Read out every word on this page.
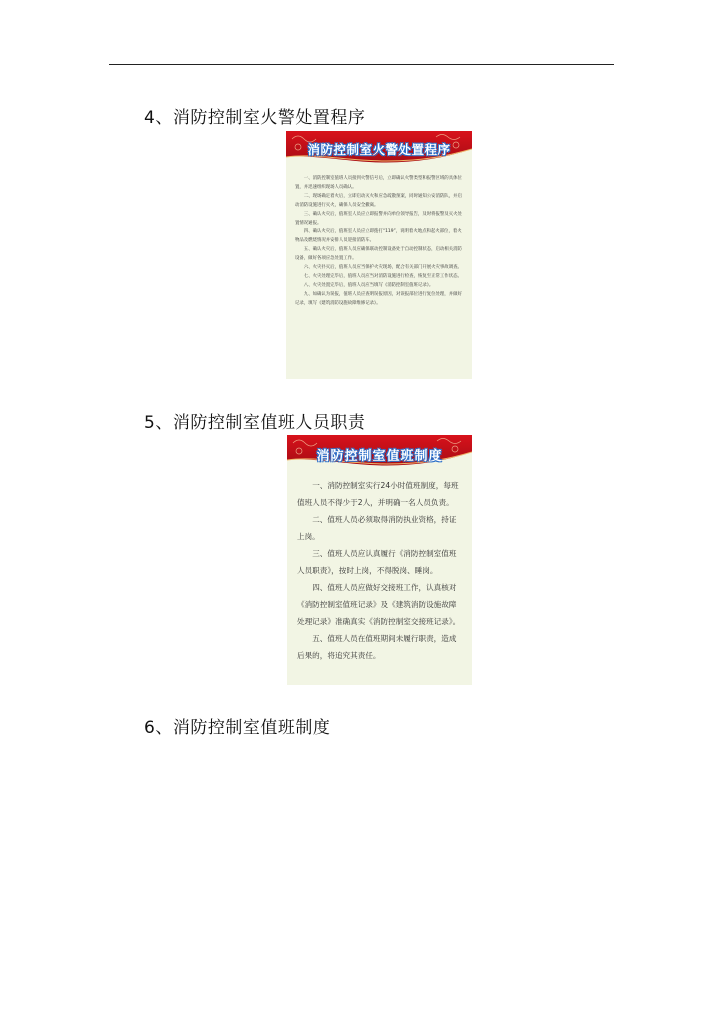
4、消防控制室火警处置程序
消防控制室火警处置程序

一、消防控制室值班人员接到火警信号后，立即确认火警类型和报警区域的具体位置，并迅速组织现场人员确认。

二、现场确定着火后，立即启动灭火和应急疏散预案，同时通知公安消防队，并启动消防设施进行灭火，确保人员安全撤离。

三、确认火灾后，值班室人员应立即报警并向单位领导报告，及时将报警及灭火处置情况通报。

四、确认火灾后，值班室人员应立即拨打“119”，说明着火地点和起火部位，着火物品及燃烧情况并安排人员迎接消防车。

五、确认火灾后，值班人员应确保联动控制设备处于自动控制状态，启动相关消防设备，做好各项应急处置工作。

六、火灾扑灭后，值班人员应当保护火灾现场，配合有关部门开展火灾事故调查。

七、火灾处理完毕后，值班人员应当对消防设施进行检查，恢复至正常工作状态。

八、火灾处置完毕后，值班人员应当填写《消防控制室值班记录》。

九、如确认为误报，值班人员应查明误报原因，对误报部位进行复位处理，并做好记录，填写《建筑消防设施故障维修记录》。

5、消防控制室值班人员职责
消防控制室值班制度

一、消防控制室实行24小时值班制度，每班值班人员不得少于2人，并明确一名人员负责。

二、值班人员必须取得消防执业资格，持证上岗。

三、值班人员应认真履行《消防控制室值班人员职责》，按时上岗，不得脱岗、睡岗。

四、值班人员应做好交接班工作，认真核对《消防控制室值班记录》及《建筑消防设施故障处理记录》准确真实《消防控制室交接班记录》。

五、值班人员在值班期间未履行职责，造成后果的，将追究其责任。

6、消防控制室值班制度
